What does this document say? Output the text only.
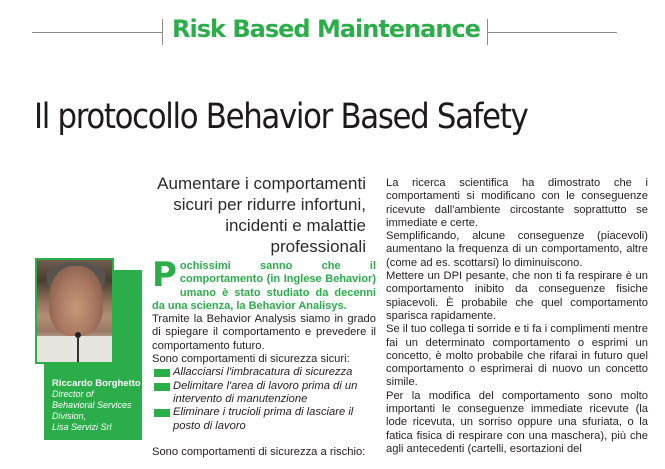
Risk Based Maintenance
Il protocollo Behavior Based Safety
Aumentare i comportamenti sicuri per ridurre infortuni, incidenti e malattie professionali
Riccardo Borghetto
Director of
Behavioral Services
Division,
Lisa Servizi Srl
Pochissimi sanno che il comportamento (in Inglese Behavior) umano è stato studiato da decenni da una scienza, la Behavior Analisys.

Tramite la Behavior Analysis siamo in grado di spiegare il comportamento e prevedere il comportamento futuro.

Sono comportamenti di sicurezza sicuri:

Allacciarsi l'imbracatura di sicurezza
Delimitare l'area di lavoro prima di un intervento di manutenzione
Eliminare i trucioli prima di lasciare il posto di lavoro

Sono comportamenti di sicurezza a rischio:

La ricerca scientifica ha dimostrato che i comportamenti si modificano con le conseguenze ricevute dall'ambiente circostante soprattutto se immediate e certe.

Semplificando, alcune conseguenze (piacevoli) aumentano la frequenza di un comportamento, altre (come ad es. scottarsi) lo diminuiscono.

Mettere un DPI pesante, che non ti fa respirare è un comportamento inibito da conseguenze fisiche spiacevoli. È probabile che quel comportamento sparisca rapidamente.

Se il tuo collega ti sorride e ti fa i complimenti mentre fai un determinato comportamento o esprimi un concetto, è molto probabile che rifarai in futuro quel comportamento o esprimerai di nuovo un concetto simile.

Per la modifica del comportamento sono molto importanti le conseguenze immediate ricevute (la lode ricevuta, un sorriso oppure una sfuriata, o la fatica fisica di respirare con una maschera), più che agli antecedenti (cartelli, esortazioni del
